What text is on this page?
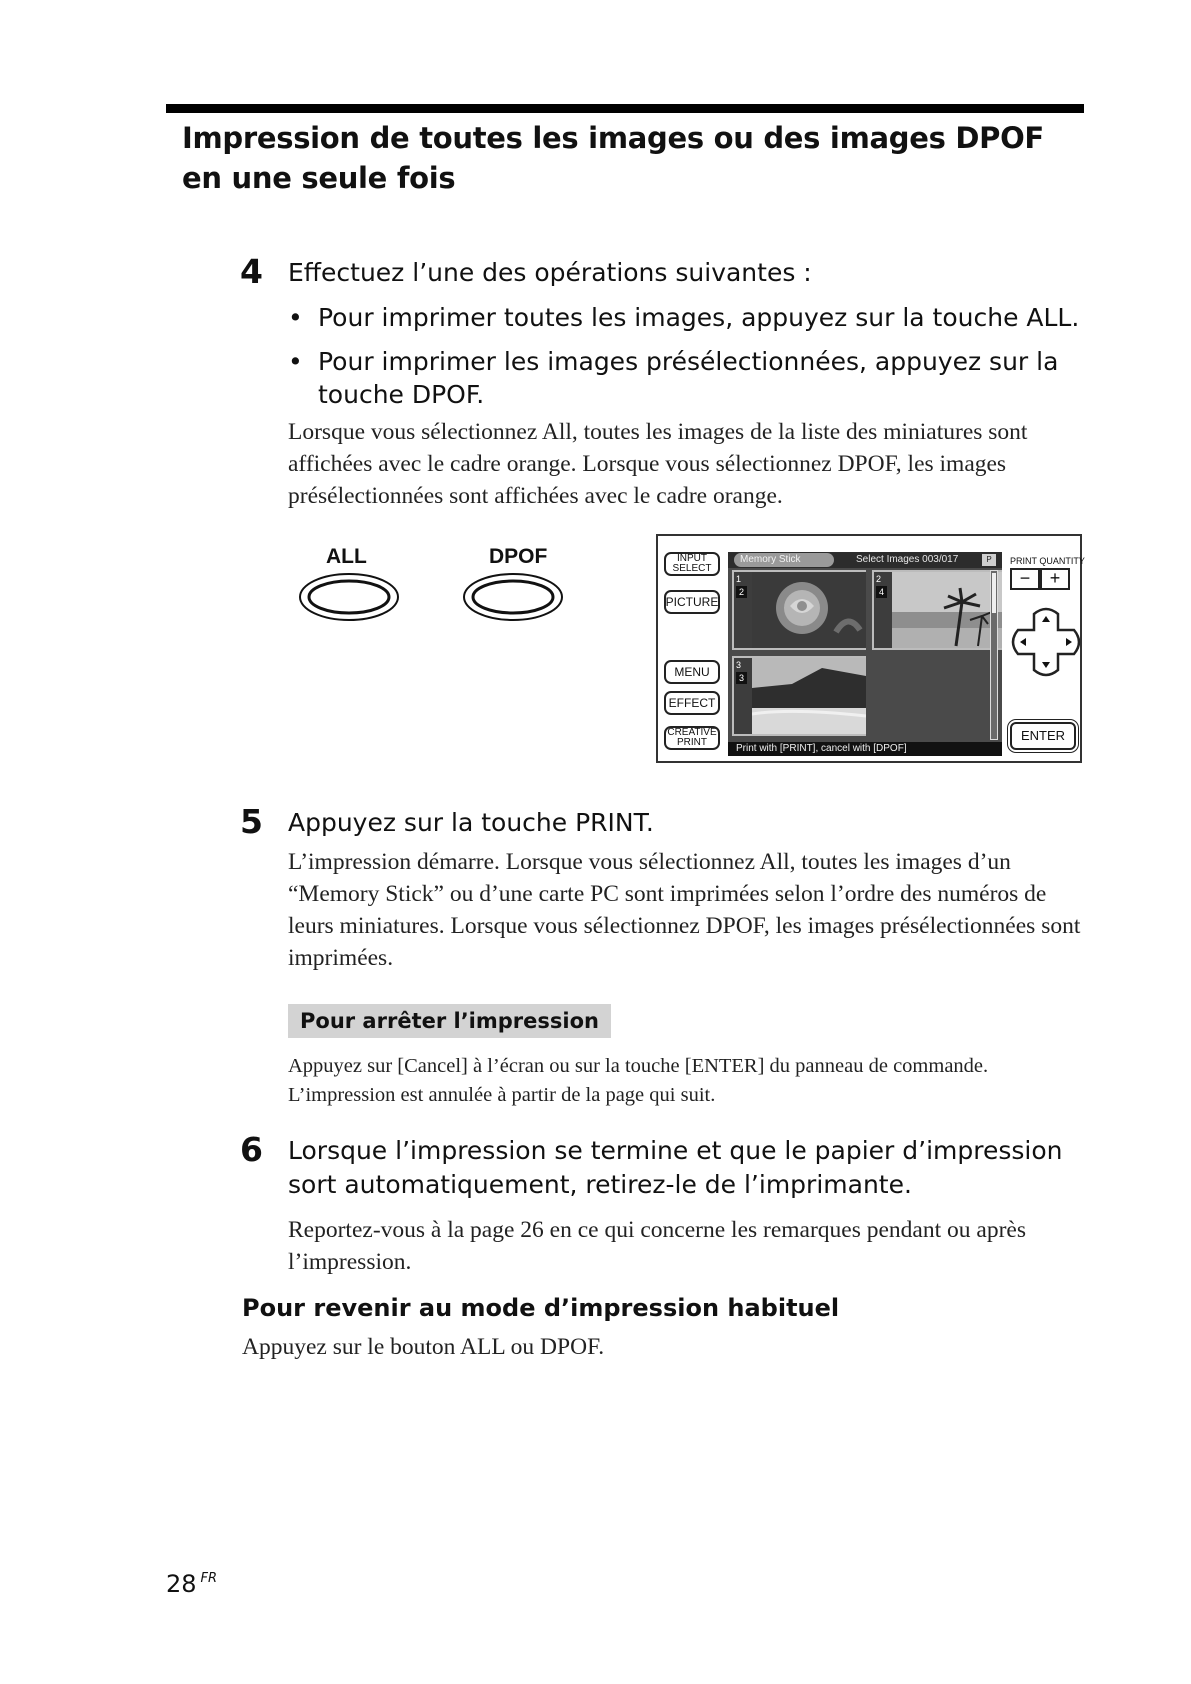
Impression de toutes les images ou des images DPOF en une seule fois
4 Effectuez l’une des opérations suivantes :
• Pour imprimer toutes les images, appuyez sur la touche ALL.
• Pour imprimer les images présélectionnées, appuyez sur la touche DPOF.

Lorsque vous sélectionnez All, toutes les images de la liste des miniatures sont affichées avec le cadre orange. Lorsque vous sélectionnez DPOF, les images présélectionnées sont affichées avec le cadre orange.

ALL	DPOF	INPUT
SELECT
PICTURE
MENU
EFFECT
CREATIVE
PRINT
Memory Stick	Select Images 003/017	P
1
2
2
4
3
3
Print with [PRINT], cancel with [DPOF]
PRINT QUANTITY
−	+
ENTER
5 Appuyez sur la touche PRINT.

L’impression démarre. Lorsque vous sélectionnez All, toutes les images d’un “Memory Stick” ou d’une carte PC sont imprimées selon l’ordre des numéros de leurs miniatures. Lorsque vous sélectionnez DPOF, les images présélectionnées sont imprimées.

Pour arrêter l’impression

Appuyez sur [Cancel] à l’écran ou sur la touche [ENTER] du panneau de commande. L’impression est annulée à partir de la page qui suit.

6 Lorsque l’impression se termine et que le papier d’impression sort automatiquement, retirez-le de l’imprimante.

Reportez-vous à la page 26 en ce qui concerne les remarques pendant ou après l’impression.

Pour revenir au mode d’impression habituel

Appuyez sur le bouton ALL ou DPOF.

28 $^{FR}$
